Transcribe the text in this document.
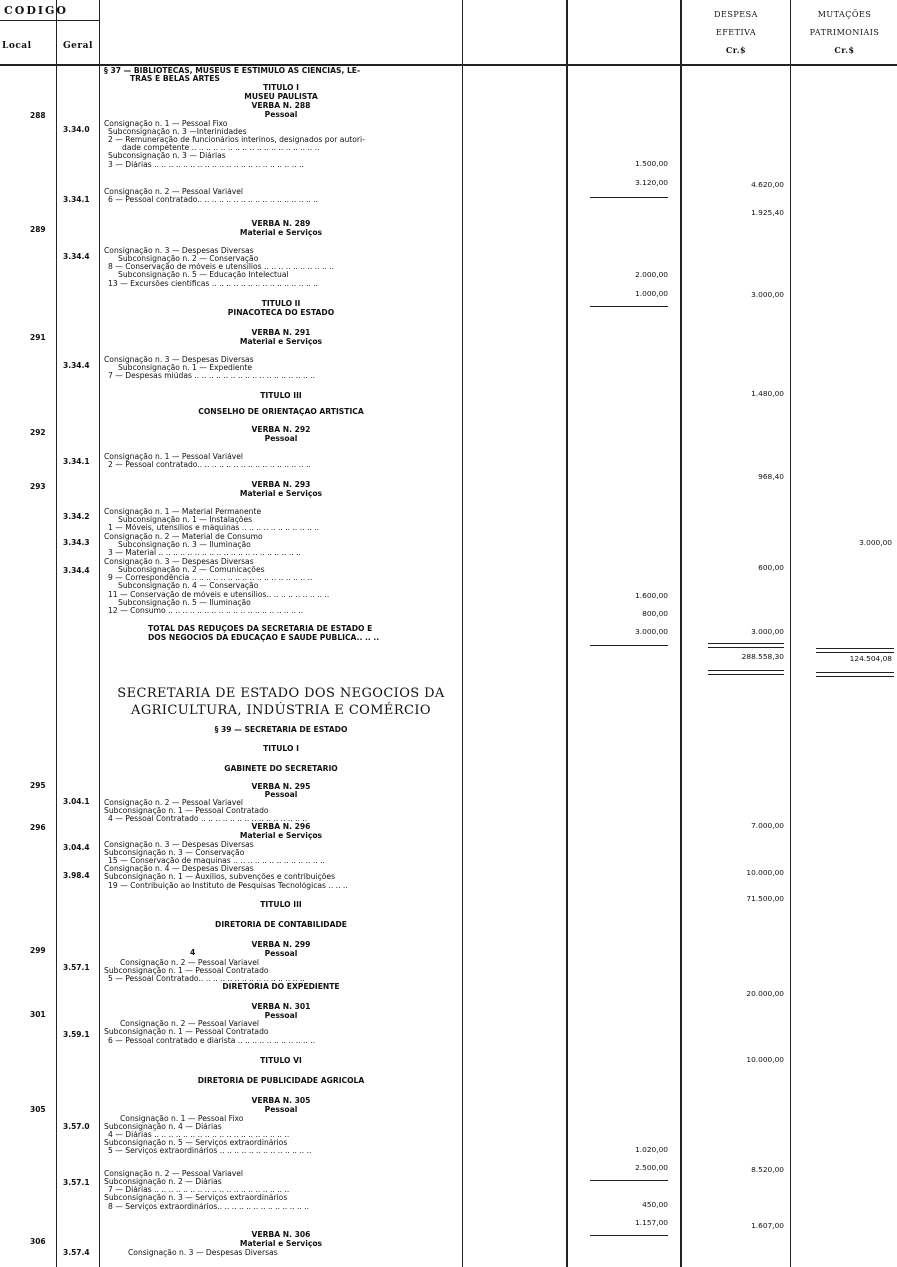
CODIGO
Local	Geral
DESPESA
EFETIVA
Cr.$
MUTAÇÕES
PATRIMONIAIS
Cr.$
SECRETARIA DE ESTADO DOS NEGOCIOS DA
AGRICULTURA, INDÚSTRIA E COMÉRCIO
288
289
291
292
293
295
296
299
301
305
306
3.34.0
3.34.1
3.34.4
3.34.4
3.34.1
3.34.2
3.34.3
3.34.4
3.04.1
3.04.4
3.98.4
3.57.1
3.59.1
3.57.0
3.57.1
3.57.4
§ 37 — BIBLIOTECAS, MUSEUS E ESTÍMULO AS CIENCIAS, LE-
TRAS E BELAS ARTES
TITULO I
MUSEU PAULISTA
VERBA N. 288
Pessoal
Consignação n. 1 — Pessoal Fixo
Subconsignação n. 3 —Interinidades
2 — Remuneração de funcionários interinos, designados por autori-
dade competente .. .. .. .. .. .. .. .. .. .. .. .. .. .. .. .. .. ..
Subconsignação n. 3 — Diárias
3 — Diárias .. .. .. .. .. .. .. .. .. .. .. .. .. .. .. .. .. .. .. .. ..
Consignação n. 2 — Pessoal Variável
6 — Pessoal contratado.. .. .. .. .. .. .. .. .. .. .. .. .. .. .. .. ..
VERBA N. 289
Material e Serviços
Consignação n. 3 — Despesas Diversas
Subconsignação n. 2 — Conservação
8 — Conservação de móveis e utensílios .. .. .. .. .. .. .. .. .. ..
Subconsignação n. 5 — Educação Intelectual
13 — Excursões científicas .. .. .. .. .. .. .. .. .. .. .. .. .. .. ..
TITULO II
PINACOTECA DO ESTADO
VERBA N. 291
Material e Serviços
Consignação n. 3 — Despesas Diversas
Subconsignação n. 1 — Expediente
7 — Despesas miúdas .. .. .. .. .. .. .. .. .. .. .. .. .. .. .. .. ..
TITULO III
CONSELHO DE ORIENTAÇAO ARTISTICA
VERBA N. 292
Pessoal
Consignação n. 1 — Pessoal Variável
2 — Pessoal contratado.. .. .. .. .. .. .. .. .. .. .. .. .. .. .. ..
VERBA N. 293
Material e Serviços
Consignação n. 1 — Material Permanente
Subconsignação n. 1 — Instalações
1 — Móveis, utensílios e máquinas .. .. .. .. .. .. .. .. .. .. ..
Consignação n. 2 — Material de Consumo
Subconsignação n. 3 — Iluminação
3 — Material .. .. .. .. .. .. .. .. .. .. .. .. .. .. .. .. .. .. .. ..
Consignação n. 3 — Despesas Diversas
Subconsignação n. 2 — Comunicações
9 — Correspondência .. .. .. .. .. .. .. .. .. .. .. .. .. .. .. .. ..
Subconsignação n. 4 — Conservação
11 — Conservação de móveis e utensílios.. .. .. .. .. .. .. .. ..
Subconsignação n. 5 — Iluminação
12 — Consumo .. .. .. .. .. .. .. .. .. .. .. .. .. .. .. .. .. .. ..
TOTAL DAS REDUÇÕES DA SECRETARIA DE ESTADO E
DOS NEGÓCIOS DA EDUCAÇÃO E SAUDE PUBLICA.. .. ..
§ 39 — SECRETARIA DE ESTADO
TITULO I
GABINETE DO SECRETARIO
VERBA N. 295
Pessoal
Consignação n. 2 — Pessoal Variavel
Subconsignação n. 1 — Pessoal Contratado
4 — Pessoal Contratado .. .. .. .. .. .. .. .. .. .. .. .. .. .. ..
VERBA N. 296
Material e Serviços
Consignação n. 3 — Despesas Diversas
Subconsignação n. 3 — Conservação
15 — Conservação de maquinas .. .. .. .. .. .. .. .. .. .. .. .. ..
Consignação n. 4 — Despesas Diversas
Subconsignação n. 1 — Auxílios, subvenções e contribuições
19 — Contribuição ao Instituto de Pesquisas Tecnológicas .. .. ..
TITULO III
DIRETORIA DE CONTABILIDADE
VERBA N. 299
4	Pessoal
Consignação n. 2 — Pessoal Variavel
Subconsignação n. 1 — Pessoal Contratado
5 — Pessoal Contratado.. .. .. .. .. .. .. .. .. .. .. .. .. .. ..
DIRETORIA DO EXPEDIENTE
VERBA N. 301
Pessoal
Consignação n. 2 — Pessoal Variavel
Subconsignação n. 1 — Pessoal Contratado
6 — Pessoal contratado e diarista .. .. .. .. .. .. .. .. .. .. ..
TITULO VI
DIRETORIA DE PUBLICIDADE AGRICOLA
VERBA N. 305
Pessoal
Consignação n. 1 — Pessoal Fixo
Subconsignação n. 4 — Diárias
4 — Diárias .. .. .. .. .. .. .. .. .. .. .. .. .. .. .. .. .. .. ..
Subconsignação n. 5 — Serviços extraordinários
5 — Serviços extraordinários .. .. .. .. .. .. .. .. .. .. .. .. ..
Consignação n. 2 — Pessoal Variavel
Subconsignação n. 2 — Diárias
7 — Diárias .. .. .. .. .. .. .. .. .. .. .. .. .. .. .. .. .. .. ..
Subconsignação n. 3 — Serviços extraordinários
8 — Serviços extraordinários.. .. .. .. .. .. .. .. .. .. .. .. ..
VERBA N. 306
Material e Serviços
Consignação n. 3 — Despesas Diversas
1.500,00
3.120,00
2.000,00
1.000,00
1.600,00
800,00
3.000,00
1.020,00
2.500,00
450,00
1.157,00
4.620,00
1.925,40
3.000,00
1.480,00
968,40
600,00
3.000,00
288.558,30
7.000,00
10.000,00
71.500,00
20.000,00
10.000,00
8.520,00
1.607,00
3.000,00
124.504,08
